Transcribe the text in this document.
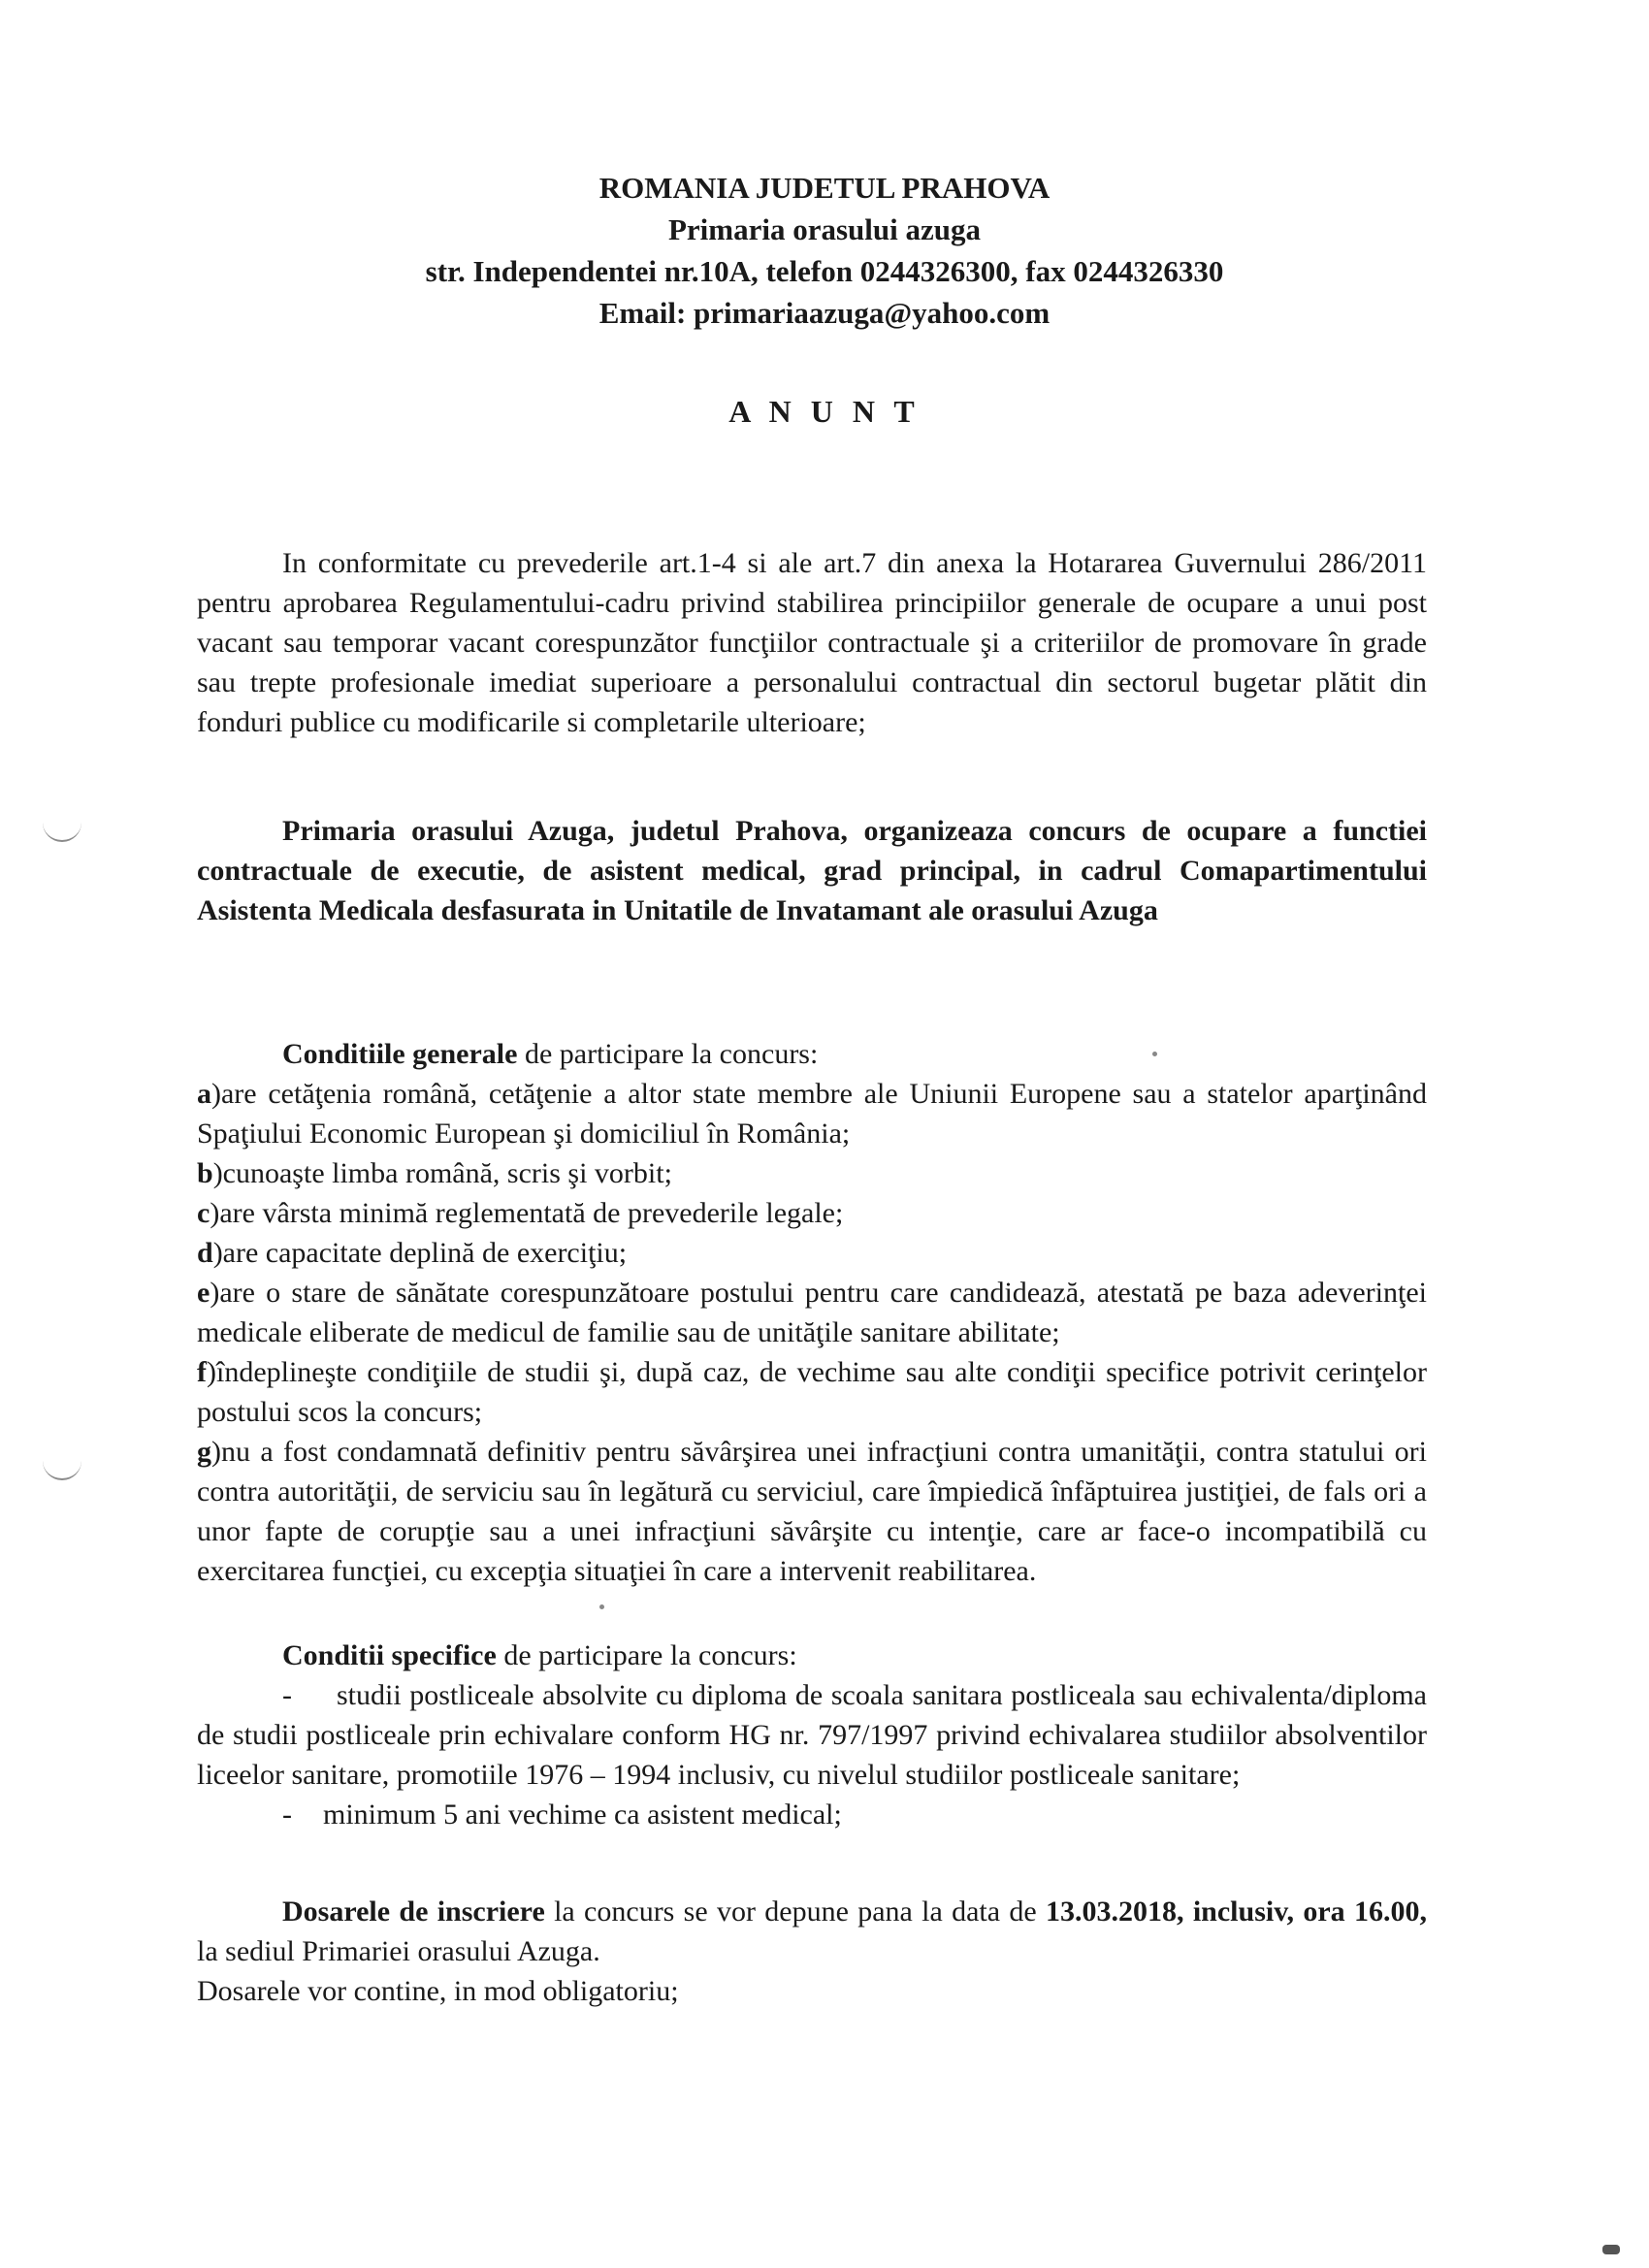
ROMANIA JUDETUL PRAHOVA
Primaria orasului azuga
str. Independentei nr.10A, telefon 0244326300, fax 0244326330
Email: primariaazuga@yahoo.com
A N U N T

In conformitate cu prevederile art.1-4 si ale art.7 din anexa la Hotararea Guvernului 286/2011 pentru aprobarea Regulamentului-cadru privind stabilirea principiilor generale de ocupare a unui post vacant sau temporar vacant corespunzător funcţiilor contractuale şi a criteriilor de promovare în grade sau trepte profesionale imediat superioare a personalului contractual din sectorul bugetar plătit din fonduri publice cu modificarile si completarile ulterioare;

Primaria orasului Azuga, judetul Prahova, organizeaza concurs de ocupare a functiei contractuale de executie, de asistent medical, grad principal, in cadrul Comapartimentului Asistenta Medicala desfasurata in Unitatile de Invatamant ale orasului Azuga

Conditiile generale de participare la concurs:

a)are cetăţenia română, cetăţenie a altor state membre ale Uniunii Europene sau a statelor aparţinând Spaţiului Economic European şi domiciliul în România;

b)cunoaşte limba română, scris şi vorbit;

c)are vârsta minimă reglementată de prevederile legale;

d)are capacitate deplină de exerciţiu;

e)are o stare de sănătate corespunzătoare postului pentru care candidează, atestată pe baza adeverinţei medicale eliberate de medicul de familie sau de unităţile sanitare abilitate;

f)îndeplineşte condiţiile de studii şi, după caz, de vechime sau alte condiţii specifice potrivit cerinţelor postului scos la concurs;

g)nu a fost condamnată definitiv pentru săvârşirea unei infracţiuni contra umanităţii, contra statului ori contra autorităţii, de serviciu sau în legătură cu serviciul, care împiedică înfăptuirea justiţiei, de fals ori a unor fapte de corupţie sau a unei infracţiuni săvârşite cu intenţie, care ar face-o incompatibilă cu exercitarea funcţiei, cu excepţia situaţiei în care a intervenit reabilitarea.

Conditii specifice de participare la concurs:

- studii postliceale absolvite cu diploma de scoala sanitara postliceala sau echivalenta/diploma de studii postliceale prin echivalare conform HG nr. 797/1997 privind echivalarea studiilor absolventilor liceelor sanitare, promotiile 1976 – 1994 inclusiv, cu nivelul studiilor postliceale sanitare;

- minimum 5 ani vechime ca asistent medical;

Dosarele de inscriere la concurs se vor depune pana la data de 13.03.2018, inclusiv, ora 16.00, la sediul Primariei orasului Azuga.

Dosarele vor contine, in mod obligatoriu;
